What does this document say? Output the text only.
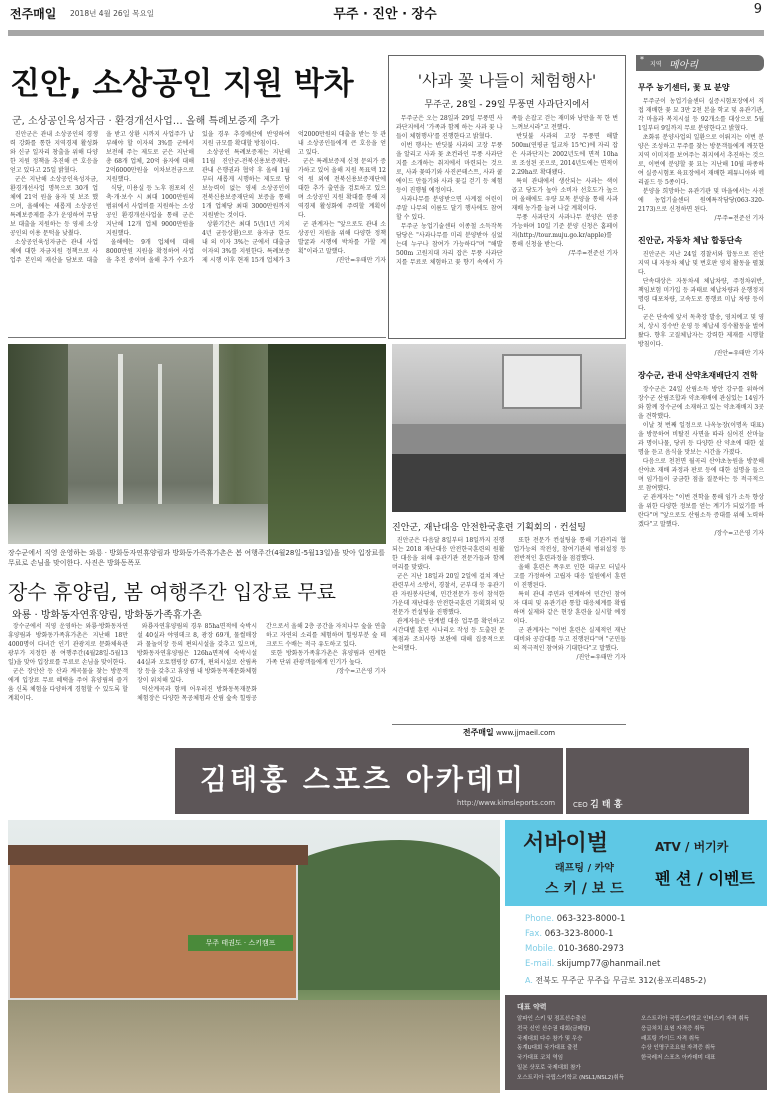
전주매일 2018년 4월 26일 목요일	무주 · 진안 · 장수	9
진안, 소상공인 지원 박차
군, 소상공인육성자금 · 환경개선사업… 올해 특례보증제 추가

진안군은 관내 소상공인의 경쟁력 강화를 통한 지역경제 활성화와 신규 일자리 창출을 위해 다양한 지원 정책을 추진해 큰 호응을 얻고 있다고 25일 밝혔다.

군은 지난해 소상공인육성자금, 환경개선사업 명목으로 30개 업체에 21억 원을 융자 및 보조 했으며, 올해에는 새롭게 소상공인 특례보증제를 추가 운영하여 무담보 대출을 지원하는 등 영세 소상공인의 이용 문턱을 낮췄다.

소상공인육성자금은 관내 사업체에 대한 자금지원 정책으로 사업주 본인의 재산을 담보로 대출을 받고 상환 시까지 사업주가 납부해야 할 이자의 3%를 군에서 보전해 주는 제도로 군은 지난해 총 68개 업체, 20억 융자에 대해 2억6000만원을 이차보전금으로 지원했다.

식당, 미용실 등 노후 점포의 신축·개·보수 시 최대 1000만원의 범위에서 사업비를 지원하는 소상공인 환경개선사업을 통해 군은 지난해 12개 업체 9000만원을 지원했다.

올해에는 9개 업체에 대해 8000만원 지원을 확정하여 사업을 추진 중이며 올해 추가 수요가 있을 경우 추경예산에 반영하여 지원 규모를 확대할 방침이다.

소상공인 특례보증제는 지난해 11월 진안군-전북신용보증재단-관내 은행권과 협약 후 올해 1월부터 새롭게 시행하는 제도로 담보능력이 없는 영세 소상공인이 전북신용보증재단의 보증을 통해 1개 업체당 최대 3000만원까지 지원받는 것이다.

상환기간은 최대 5년(1년 거치 4년 균등상환)으로 융자금 한도 내 의 이자 3%는 군에서 대출금 이자의 3%를 지원한다. 특례보증제 시행 이후 현재 15개 업체가 3억2000만원의 대출을 받는 등 관내 소상공인들에게 큰 호응을 얻고 있다.

군은 특례보증제 신청 문의가 증가하고 있어 올해 지원 목표액 12억 원 외에 전북신용보증재단에 대한 추가 출연을 검토하고 있으며 소상공인 지원 확대를 통해 지역경제 활성화에 주력할 계획이다.

군 관계자는 "앞으로도 관내 소상공인 지원을 위해 다양한 정책 발굴과 시행에 박차를 가할 계획"이라고 말했다.

/진안=우태만 기자
'사과 꽃 나들이 체험행사'
무주군, 28일 - 29일 무풍면 사과단지에서

무주군은 오는 28일과 29일 무풍면 사과단지에서 '가족과 함께 하는 사과 꽃 나들이 체험행사'를 진행한다고 밝혔다.

이번 행사는 반딧불 사과의 고장 무풍을 알리고 사과 꽃 초컨라인 무풍 사과단지를 소개하는 취지에서 마련되는 것으로, 사과 꽃따기와 사진콘테스트, 사과 쿨에이드 만들기와 사과 꽃길 걷기 등 체험 등이 진행될 예정이다.

사과나무를 분양받으면 사계절 어린이 주말 나무의 이름도 달기 행사에도 참여할 수 있다.

무주군 농업기술센터 이종철 소득작목 담당은 "사과나무를 미리 분양받아 심었는데 누구나 참여가 가능하다"며 "해발 500m 고원지대 자리 잡은 무풍 사과단지를 무료로 체험하고 꽃 향기 속에서 가족들 손잡고 걷는 재미와 낭만을 꼭 한 번 느껴보시라"고 전했다.

반딧불 사과의 고장 무풍면 해발 500m(연평균 일교차 15℃)에 자리 잡은 사과단지는 2002년도에 면적 10ha로 조성된 곳으로, 2014년도에는 면적이 2.29ha로 확대됐다.

특히 관내에서 생산되는 사과는 색이 곱고 당도가 높아 소비자 선호도가 높으며 올해에도 우량 묘목 분양을 통해 사과 재배 농가를 늘려 나갈 계획이다.

무풍 사과단지 사과나무 분양은 연중 가능하며 10일 기준 분양 신청은 홈페이지(http://tour.muju.go.kr/apple)를 통해 신청을 받는다.

/무주=전준선 기자
*
지역 메아리
무주 농기센터, 꽃 묘 분양

무주군이 농업기술센터 실증시험포장에서 직접 재배한 꽃 묘 3만 2천 본을 학교 및 유관기관, 각 마을과 복지시설 등 92개소를 대상으로 5월 1일부터 9일까지 무료 분양한다고 밝혔다.

초화류 분양사업의 일환으로 이뤄지는 이번 분양은 조성하고 무주를 찾는 방문객들에게 깨끗한 지역 이미지를 보여주는 취지에서 추진하는 것으로, 이번에 분양할 꽃 묘는 지난해 10월 파종하여 실증시험포 육묘장에서 재배한 페튜니아와 메리골드 등 5종이다.

분양을 희망하는 유관기관 및 마을에서는 사전에 농업기술센터 원예특작담당(063-320-2173)으로 신청하면 된다.

/무주=전준선 기자
진안군, 자동차 체납 합동단속

진안군은 지난 24일 경찰서와 합동으로 진안지역 내 자동차 체납 및 번호판 영치 활동을 펼쳤다.

단속대상은 자동차세 체납차량, 주정차위반, 책임보험 미가입 등 과태료 체납차량과 운행정지명령 대포차량, 고속도로 통행료 미납 차량 등이다.

군은 단속에 앞서 독촉장 발송, 영치예고 및 영치, 상시 징수반 운영 등 체납세 징수활동을 벌여왔다. 향후 고질체납자는 강력한 제재를 시행할 방침이다.

/진안=우태만 기자
장수군, 관내 산약초재배단지 견학

장수군은 24일 산림소득 방안 강구를 위하여 장수군 산림조합과 약초재배에 관심있는 14임가와 함께 장수군에 소재하고 있는 약초재배지 3곳을 견학했다.

이날 첫 번째 일정으로 나옥농장(이명옥 대표)을 방문하여 비탈진 사면을 따라 심어진 산마늘과 명이나물, 당귀 등 다양한 산 약초에 대한 설명을 듣고 음식을 맛보는 시간을 가졌다.

다음으로 천천면 월곡리 산야초농원을 방문해 산야초 재배 과정과 판로 등에 대한 설명을 들으며 임가들이 궁금한 점을 질문하는 등 적극적으로 참여했다.

군 관계자는 "이번 견학을 통해 임가 소득 향상을 위한 다양한 정보를 얻는 계기가 되었기를 바란다"며 "앞으로도 산림소득 증대를 위해 노력하겠다"고 말했다.

/장수=고은영 기자
장수군에서 직영 운영하는 와룡 · 방화동자연휴양림과 방화동가족휴가촌은 봄 여행주간(4월28일-5월13일)을 맞아 입장료를 무료로 손님을 맞이한다. 사진은 방화동폭포
장수 휴양림, 봄 여행주간 입장료 무료
와룡 · 방화동자연휴양림, 방화동가족휴가촌

장수군에서 직영 운영하는 와룡·방화동자연휴양림과 방화동가족휴가촌은 지난해 18만4000명이 다녀간 인기 관광지로 문화체육관광부가 지정한 봄 여행주간(4월28일-5월13일)을 맞아 입장료를 무료로 손님을 맞이한다.

군은 장안산 등 산과 계곡물을 찾는 방문객에게 입장료 무료 혜택을 주어 휴양림의 즐거움 신록 체험을 다양하게 경험할 수 있도록 할 계획이다.

와룡자연휴양림의 경우 85ha면적에 숙박시설 40실과 야영데크 8, 광장 69개, 물썰매장과 물놀이장 등의 편의시설을 갖추고 있으며, 방화동자연휴양림은 126ha면적에 숙박시설 44실과 오토캠핑장 67개, 편의시설로 산림욕장 등을 갖추고 휴양림 내 방화동목재문화체험장이 위치해 있다.

덕산계곡과 함께 어우러진 방화동목재문화체험장은 다양한 목공체험과 산림 숲속 힐링공간으로서 올해 2층 공간을 자치나무 숲을 연출하고 자연의 소리를 체험하며 힐링부분 숲 테크로드 수배는 적극 유도하고 있다.

또한 방화동가족휴가촌은 휴양림과 연계한 가족 단위 관광객들에게 인기가 높다.

/장수=고은영 기자
진안군, 재난대응 안전한국훈련 기획회의 · 컨설팅

진안군은 다음달 8일부터 18일까지 진행되는 2018 재난대응 안전한국훈련의 원활한 대응을 위해 유관기관 전문가들과 함께 머리를 맞댔다.

군은 지난 18일과 20일 2일에 걸쳐 재난관련부서 소방서, 경찰서, 군부대 등 유관기관 자원봉사단체, 민간전문가 등이 참석한 가운데 재난대응 안전한국훈련 기획회의 및 전문가 컨설팅을 진행했다.

관계자들은 단계별 대응 업무를 확인하고 시간대별 훈련 시나리오 작성 등 도출된 문제점과 조치사항 보완에 대해 집중적으로 논의했다.

또한 전문가 컨설팅을 통해 기관끼리 협업가능의 작전성, 참여기관의 범위설정 등 전반적인 훈련과정을 점검했다.

올해 훈련은 폭우로 인한 대규모 터널사고를 가정하여 고립자 대응 일원에서 훈련이 진행된다.

특히 관내 주민과 연계하여 민간인 참여자 대피 및 유관기관 통합 대응체계를 확립하며 실제와 같은 현장 훈련을 실시할 예정이다.

군 관계자는 "이번 훈련은 실제적인 재난 대비와 공감대를 두고 진행된다"며 "군민들의 적극적인 참여와 기대한다"고 말했다.

/진안=우태만 기자
전주매일 www.jjmaeil.com
김태홍 스포츠 아카데미
http://www.kimsleports.com	CEO 김 태 홍
무주 태권도 · 스키캠프
서바이벌	ATV / 버기카
래프팅 / 카약
스 키 / 보 드
펜 션 / 이벤트
Phone. 063-323-8000-1
Fax. 063-323-8000-1
Mobile. 010-3680-2973
E-mail. skijump77@hanmail.net
A. 전북도 무주군 무주읍 무금로 312(용포리485-2)
대표 약력
알파인 스키 및 점프선수출신
전국 신인 선수권 대회(금메달)
국제대회 다수 참가 및 우승
동계U대회 국가대표 출전
국가대표 코치 역임
일본 삿포로 국제대회 참가
오스트리아 국립스키학교 (NSL1/NSL2)취득
오스트리아 국립스키학교 인터스키 자격 취득
응급처치 요원 자격증 취득
래프팅 가이드 자격 취득
수상 인명구조요원 자격증 취득
한국레저 스포츠 아카데미 대표
